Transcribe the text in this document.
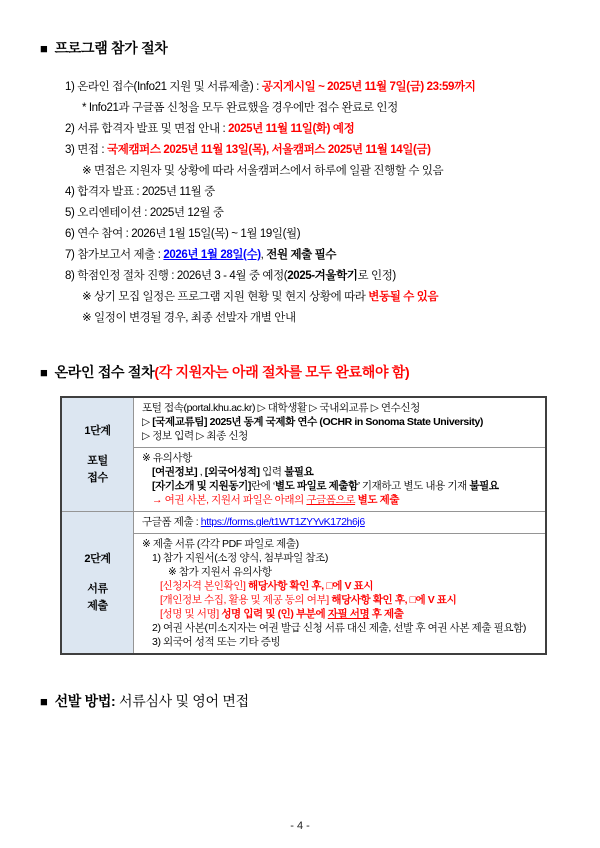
■ 프로그램 참가 절차

1) 온라인 접수(Info21 지원 및 서류제출) : 공지게시일 ~ 2025년 11월 7일(금) 23:59까지

* Info21과 구글폼 신청을 모두 완료했을 경우에만 접수 완료로 인정

2) 서류 합격자 발표 및 면접 안내 : 2025년 11월 11일(화) 예정

3) 면접 : 국제캠퍼스 2025년 11월 13일(목), 서울캠퍼스 2025년 11월 14일(금)

※ 면접은 지원자 및 상황에 따라 서울캠퍼스에서 하루에 일괄 진행할 수 있음

4) 합격자 발표 : 2025년 11월 중

5) 오리엔테이션 : 2025년 12월 중

6) 연수 참여 : 2026년 1월 15일(목) ~ 1월 19일(월)

7) 참가보고서 제출 : 2026년 1월 28일(수), 전원 제출 필수

8) 학점인정 절차 진행 : 2026년 3 - 4월 중 예정(2025-겨울학기로 인정)

※ 상기 모집 일정은 프로그램 지원 현황 및 현지 상황에 따라 변동될 수 있음

※ 일정이 변경될 경우, 최종 선발자 개별 안내

■ 온라인 접수 절차(각 지원자는 아래 절차를 모두 완료해야 함)
1단계
포털
접수
포털 접속(portal.khu.ac.kr) ▷ 대학생활 ▷ 국내외교류 ▷ 연수신청
▷ [국제교류팀] 2025년 동계 국제화 연수 (OCHR in Sonoma State University)
▷ 정보 입력 ▷ 최종 신청
※ 유의사항
[여권정보] , [외국어성적] 입력 불필요
[자기소개 및 지원동기]란에 ‘별도 파일로 제출함’ 기재하고 별도 내용 기재 불필요
→ 여권 사본, 지원서 파일은 아래의 구글폼으로 별도 제출
2단계
서류
제출
구글폼 제출 : https://forms.gle/t1WT1ZYYvK172h6j6
※ 제출 서류 (각각 PDF 파일로 제출)
1) 참가 지원서(소정 양식, 첨부파일 참조)
※ 참가 지원서 유의사항
[신청자격 본인확인] 해당사항 확인 후, □에 V 표시
[개인정보 수집, 활용 및 제공 동의 여부] 해당사항 확인 후, □에 V 표시
[성명 및 서명] 성명 입력 및 (인) 부분에 자필 서명 후 제출
2) 여권 사본(미소지자는 여권 발급 신청 서류 대신 제출, 선발 후 여권 사본 제출 필요함)
3) 외국어 성적 또는 기타 증빙
■ 선발 방법: 서류심사 및 영어 면접
- 4 -
